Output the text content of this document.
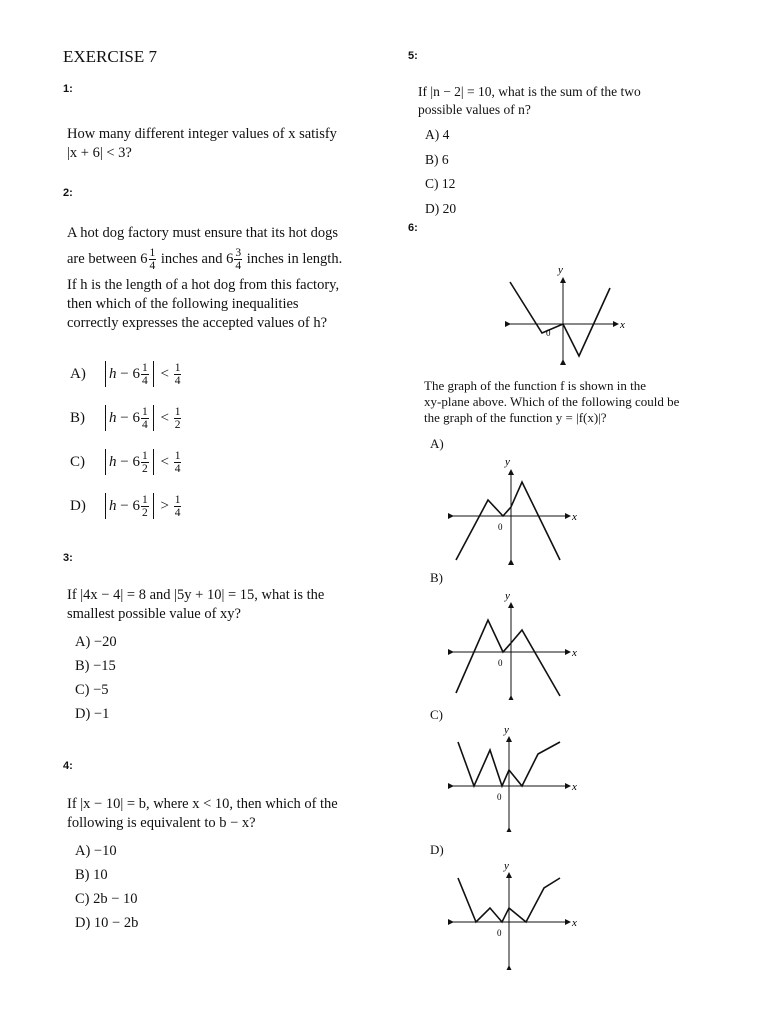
EXERCISE 7
1:
How many different integer values of x satisfy
|x + 6| < 3?
2:
A hot dog factory must ensure that its hot dogs
are between $6 \frac{1}{4}$ inches and $6 \frac{3}{4}$ inches in length.
If h is the length of a hot dog from this factory,
then which of the following inequalities
correctly expresses the accepted values of h?
A)	$h - 6 \frac{1}{4}$
<
$\frac{1}{4}$
B)	$h - 6 \frac{1}{4}$
<
$\frac{1}{2}$
C)	$h - 6 \frac{1}{2}$
<
$\frac{1}{4}$
D)	$h - 6 \frac{1}{2}$
>
$\frac{1}{4}$
3:
If |4x − 4| = 8 and |5y + 10| = 15, what is the
smallest possible value of xy?
A) −20
B) −15
C) −5
D) −1
4:
If |x − 10| = b, where x < 10, then which of the
following is equivalent to b − x?
A) −10
B) 10
C) 2b − 10
D) 10 − 2b
5:
If |n − 2| = 10, what is the sum of the two
possible values of n?
A) 4
B) 6
C) 12
D) 20
6:
x
y
0
The graph of the function f is shown in the
xy-plane above. Which of the following could be
the graph of the function y = |f(x)|?
A)
x
y
0
B)
x
y
0
C)
x
y
0
D)
x
y
0
